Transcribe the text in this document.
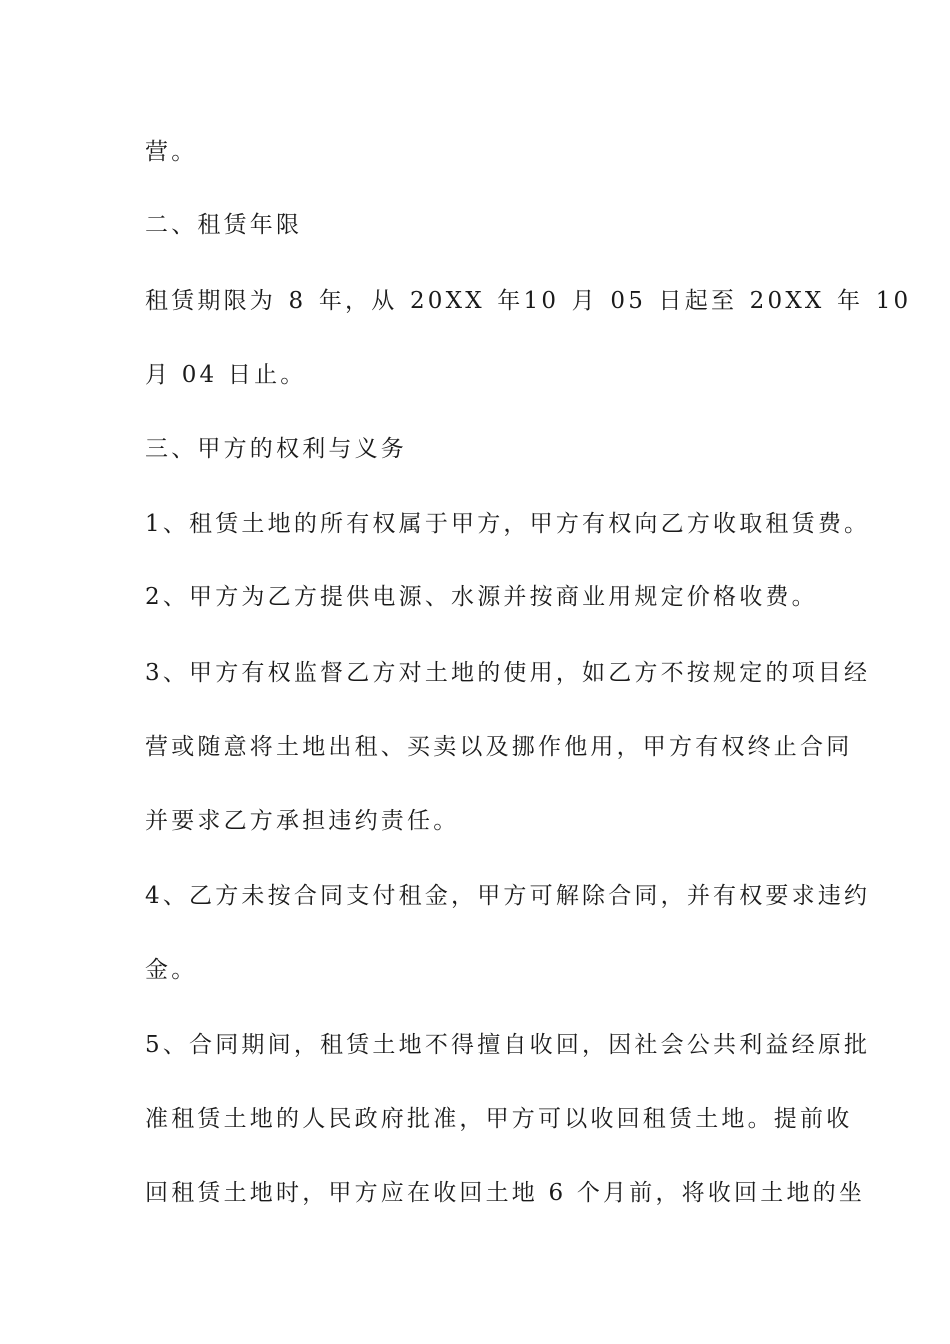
营。
二、租赁年限
租赁期限为 8 年，从 20XX 年10 月 05 日起至 20XX 年 10
月 04 日止。
三、甲方的权利与义务
1、租赁土地的所有权属于甲方，甲方有权向乙方收取租赁费。
2、甲方为乙方提供电源、水源并按商业用规定价格收费。
3、甲方有权监督乙方对土地的使用，如乙方不按规定的项目经
营或随意将土地出租、买卖以及挪作他用，甲方有权终止合同
并要求乙方承担违约责任。
4、乙方未按合同支付租金，甲方可解除合同，并有权要求违约
金。
5、合同期间，租赁土地不得擅自收回，因社会公共利益经原批
准租赁土地的人民政府批准，甲方可以收回租赁土地。提前收
回租赁土地时，甲方应在收回土地 6 个月前，将收回土地的坐
